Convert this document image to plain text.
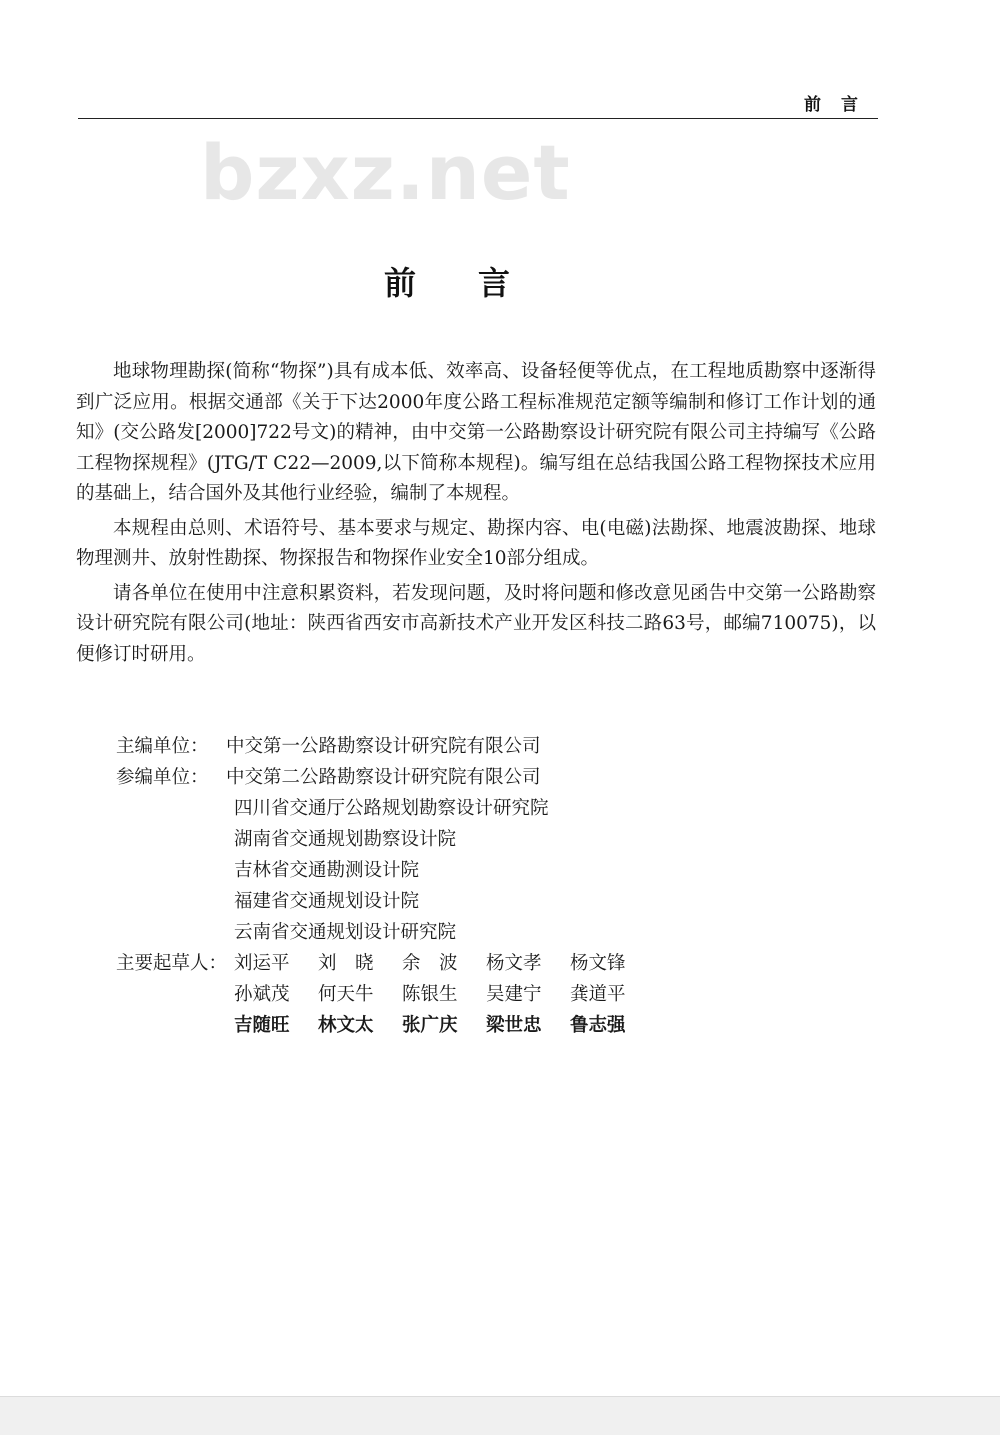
前言
bzxz.net
前言

地球物理勘探(简称“物探”)具有成本低、效率高、设备轻便等优点，在工程地质勘察中逐渐得到广泛应用。根据交通部《关于下达2000年度公路工程标准规范定额等编制和修订工作计划的通知》(交公路发[2000]722号文)的精神，由中交第一公路勘察设计研究院有限公司主持编写《公路工程物探规程》(JTG/T C22—2009,以下简称本规程)。编写组在总结我国公路工程物探技术应用的基础上，结合国外及其他行业经验，编制了本规程。

本规程由总则、术语符号、基本要求与规定、勘探内容、电(电磁)法勘探、地震波勘探、地球物理测井、放射性勘探、物探报告和物探作业安全10部分组成。

请各单位在使用中注意积累资料，若发现问题，及时将问题和修改意见函告中交第一公路勘察设计研究院有限公司(地址：陕西省西安市高新技术产业开发区科技二路63号，邮编710075)，以便修订时研用。

主编单位： 中交第一公路勘察设计研究院有限公司
参编单位： 中交第二公路勘察设计研究院有限公司
四川省交通厅公路规划勘察设计研究院
湖南省交通规划勘察设计院
吉林省交通勘测设计院
福建省交通规划设计院
云南省交通规划设计研究院
主要起草人： 刘运平	刘　晓	余　波	杨文孝	杨文锋
孙斌茂	何天牛	陈银生	吴建宁	龚道平
吉随旺	林文太	张广庆	梁世忠	鲁志强
